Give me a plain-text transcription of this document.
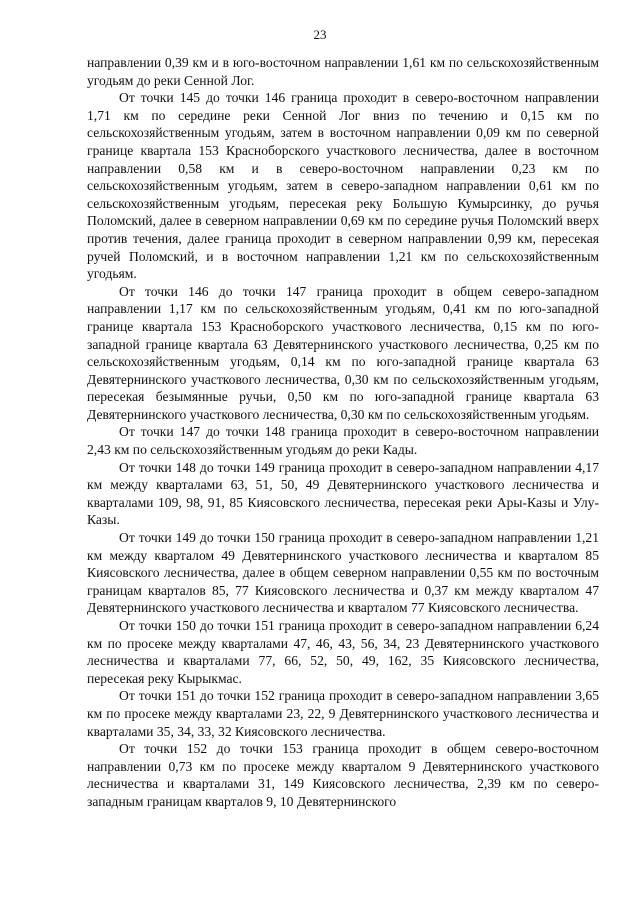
23

направлении 0,39 км и в юго-восточном направлении 1,61 км по сельскохозяйственным угодьям до реки Сенной Лог.

От точки 145 до точки 146 граница проходит в северо-восточном направлении 1,71 км по середине реки Сенной Лог вниз по течению и 0,15 км по сельскохозяйственным угодьям, затем в восточном направлении 0,09 км по северной границе квартала 153 Красноборского участкового лесничества, далее в восточном направлении 0,58 км и в северо-восточном направлении 0,23 км по сельскохозяйственным угодьям, затем в северо-западном направлении 0,61 км по сельскохозяйственным угодьям, пересекая реку Большую Кумырсинку, до ручья Поломский, далее в северном направлении 0,69 км по середине ручья Поломский вверх против течения, далее граница проходит в северном направлении 0,99 км, пересекая ручей Поломский, и в восточном направлении 1,21 км по сельскохозяйственным угодьям.

От точки 146 до точки 147 граница проходит в общем северо-западном направлении 1,17 км по сельскохозяйственным угодьям, 0,41 км по юго-западной границе квартала 153 Красноборского участкового лесничества, 0,15 км по юго-западной границе квартала 63 Девятернинского участкового лесничества, 0,25 км по сельскохозяйственным угодьям, 0,14 км по юго-западной границе квартала 63 Девятернинского участкового лесничества, 0,30 км по сельскохозяйственным угодьям, пересекая безымянные ручьи, 0,50 км по юго-западной границе квартала 63 Девятернинского участкового лесничества, 0,30 км по сельскохозяйственным угодьям.

От точки 147 до точки 148 граница проходит в северо-восточном направлении 2,43 км по сельскохозяйственным угодьям до реки Кады.

От точки 148 до точки 149 граница проходит в северо-западном направлении 4,17 км между кварталами 63, 51, 50, 49 Девятернинского участкового лесничества и кварталами 109, 98, 91, 85 Киясовского лесничества, пересекая реки Ары-Казы и Улу-Казы.

От точки 149 до точки 150 граница проходит в северо-западном направлении 1,21 км между кварталом 49 Девятернинского участкового лесничества и кварталом 85 Киясовского лесничества, далее в общем северном направлении 0,55 км по восточным границам кварталов 85, 77 Киясовского лесничества и 0,37 км между кварталом 47 Девятернинского участкового лесничества и кварталом 77 Киясовского лесничества.

От точки 150 до точки 151 граница проходит в северо-западном направлении 6,24 км по просеке между кварталами 47, 46, 43, 56, 34, 23 Девятернинского участкового лесничества и кварталами 77, 66, 52, 50, 49, 162, 35 Киясовского лесничества, пересекая реку Кырыкмас.

От точки 151 до точки 152 граница проходит в северо-западном направлении 3,65 км по просеке между кварталами 23, 22, 9 Девятернинского участкового лесничества и кварталами 35, 34, 33, 32 Киясовского лесничества.

От точки 152 до точки 153 граница проходит в общем северо-восточном направлении 0,73 км по просеке между кварталом 9 Девятернинского участкового лесничества и кварталами 31, 149 Киясовского лесничества, 2,39 км по северо-западным границам кварталов 9, 10 Девятернинского
